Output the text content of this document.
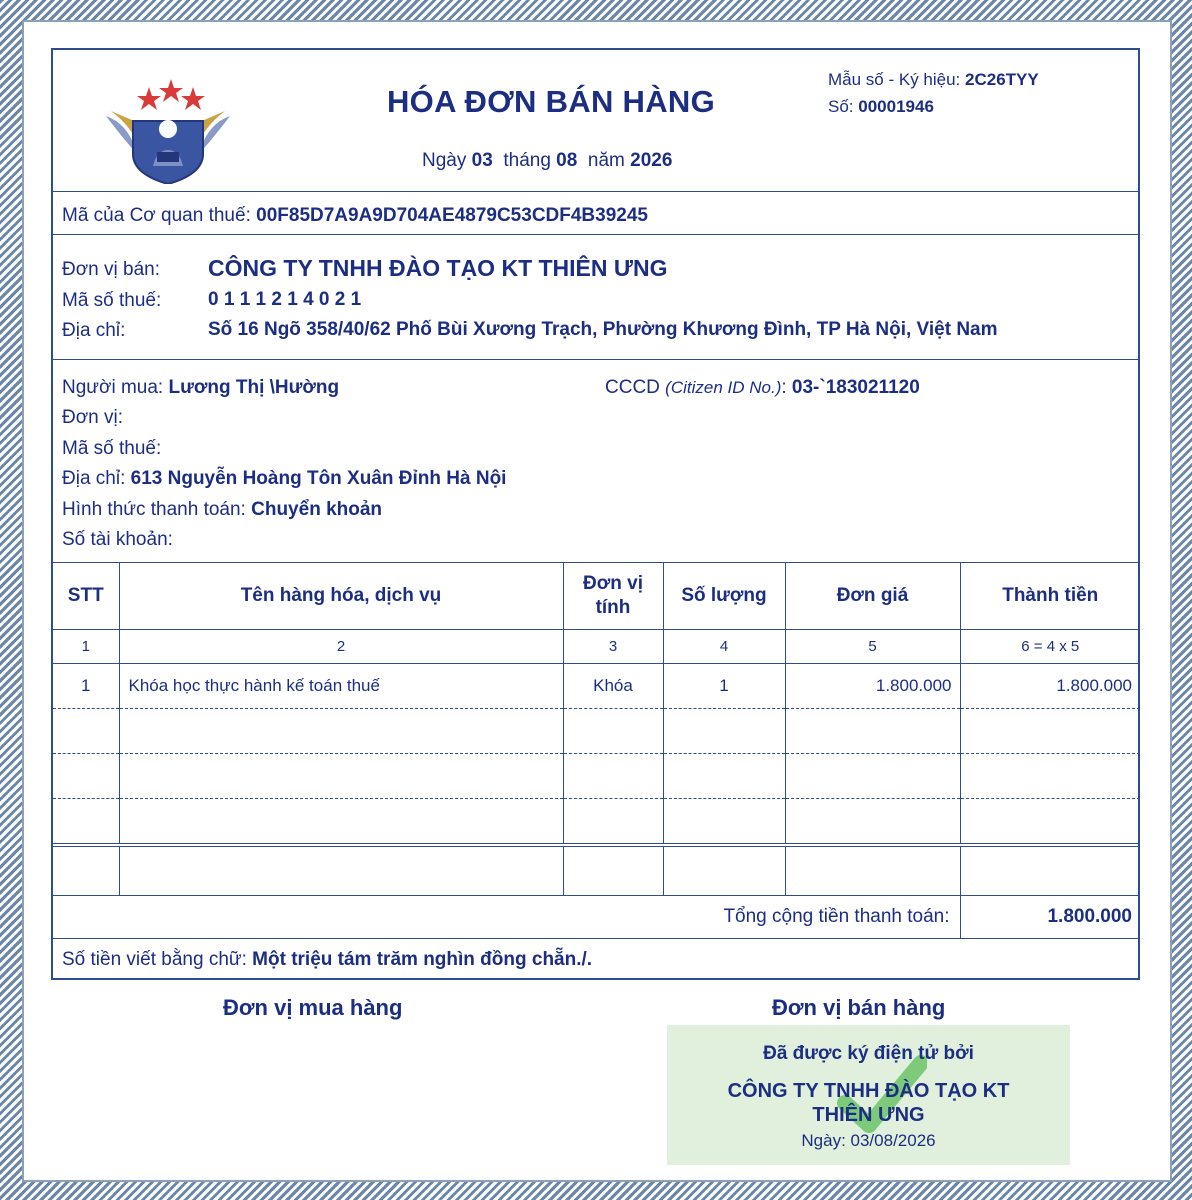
HÓA ĐƠN BÁN HÀNG
Ngày 03 tháng 08 năm 2026
Mẫu số - Ký hiệu: 2C26TYY
Số: 00001946
Mã của Cơ quan thuế: 00F85D7A9A9D704AE4879C53CDF4B39245
Đơn vị bán: CÔNG TY TNHH ĐÀO TẠO KT THIÊN ƯNG
Mã số thuế: 0 1 1 1 2 1 4 0 2 1
Địa chỉ:	Số 16 Ngõ 358/40/62 Phố Bùi Xương Trạch, Phường Khương Đình, TP Hà Nội, Việt Nam
Người mua: Lương Thị \Hường	CCCD (Citizen ID No.): 03-`183021120
Đơn vị:
Mã số thuế:
Địa chỉ: 613 Nguyễn Hoàng Tôn Xuân Đỉnh Hà Nội
Hình thức thanh toán: Chuyển khoản
Số tài khoản:
STT	Tên hàng hóa, dịch vụ	Đơn vị tính	Số lượng	Đơn giá	Thành tiền
1	2	3	4	5	6 = 4 x 5
1	Khóa học thực hành kế toán thuế	Khóa	1	1.800.000	1.800.000

Tổng cộng tiền thanh toán:					1.800.000
Số tiền viết bằng chữ: Một triệu tám trăm nghìn đồng chẵn./.
Đơn vị mua hàng	Đơn vị bán hàng
Đã được ký điện tử bởi
CÔNG TY TNHH ĐÀO TẠO KT
THIÊN ƯNG
Ngày: 03/08/2026
